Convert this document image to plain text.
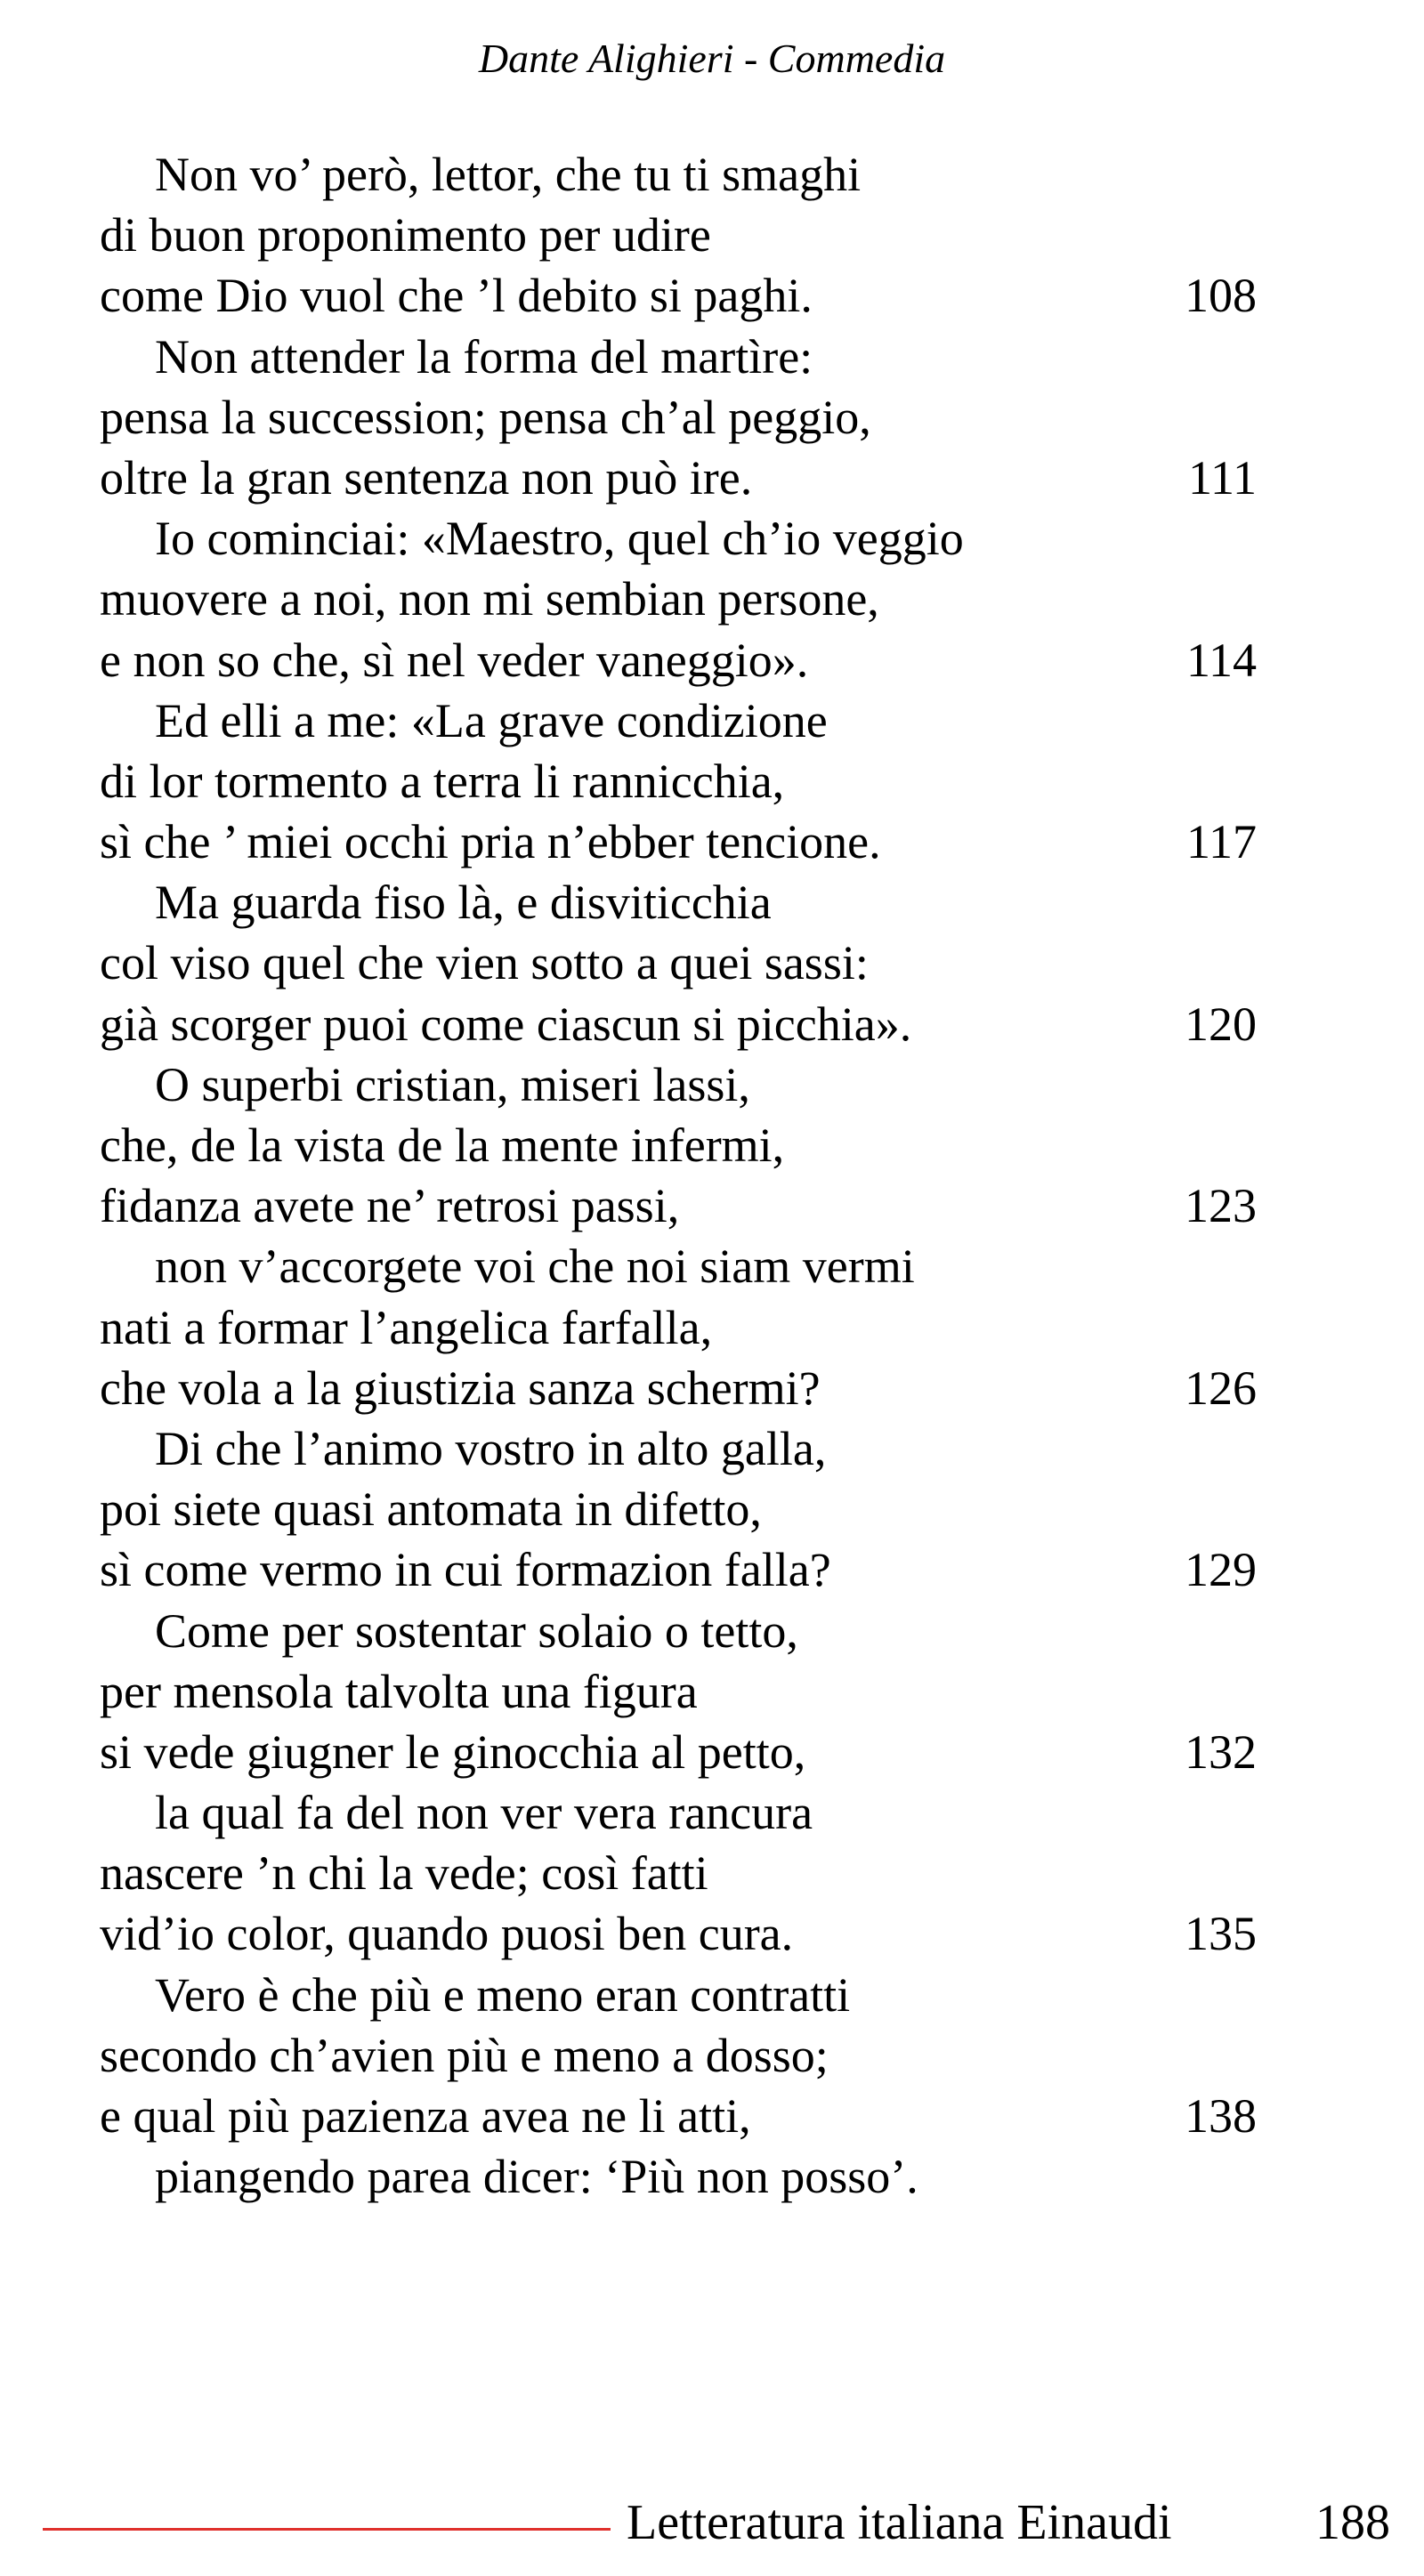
Dante Alighieri - Commedia
Non vo’ però, lettor, che tu ti smaghi
di buon proponimento per udire
come Dio vuol che ’l debito si paghi.	108
Non attender la forma del martìre:
pensa la succession; pensa ch’al peggio,
oltre la gran sentenza non può ire.	111
Io cominciai: «Maestro, quel ch’io veggio
muovere a noi, non mi sembian persone,
e non so che, sì nel veder vaneggio».	114
Ed elli a me: «La grave condizione
di lor tormento a terra li rannicchia,
sì che ’ miei occhi pria n’ebber tencione.	117
Ma guarda fiso là, e disviticchia
col viso quel che vien sotto a quei sassi:
già scorger puoi come ciascun si picchia».	120
O superbi cristian, miseri lassi,
che, de la vista de la mente infermi,
fidanza avete ne’ retrosi passi,	123
non v’accorgete voi che noi siam vermi
nati a formar l’angelica farfalla,
che vola a la giustizia sanza schermi?	126
Di che l’animo vostro in alto galla,
poi siete quasi antomata in difetto,
sì come vermo in cui formazion falla?	129
Come per sostentar solaio o tetto,
per mensola talvolta una figura
si vede giugner le ginocchia al petto,	132
la qual fa del non ver vera rancura
nascere ’n chi la vede; così fatti
vid’io color, quando puosi ben cura.	135
Vero è che più e meno eran contratti
secondo ch’avien più e meno a dosso;
e qual più pazienza avea ne li atti,	138
piangendo parea dicer: ‘Più non posso’.
Letteratura italiana Einaudi	188
